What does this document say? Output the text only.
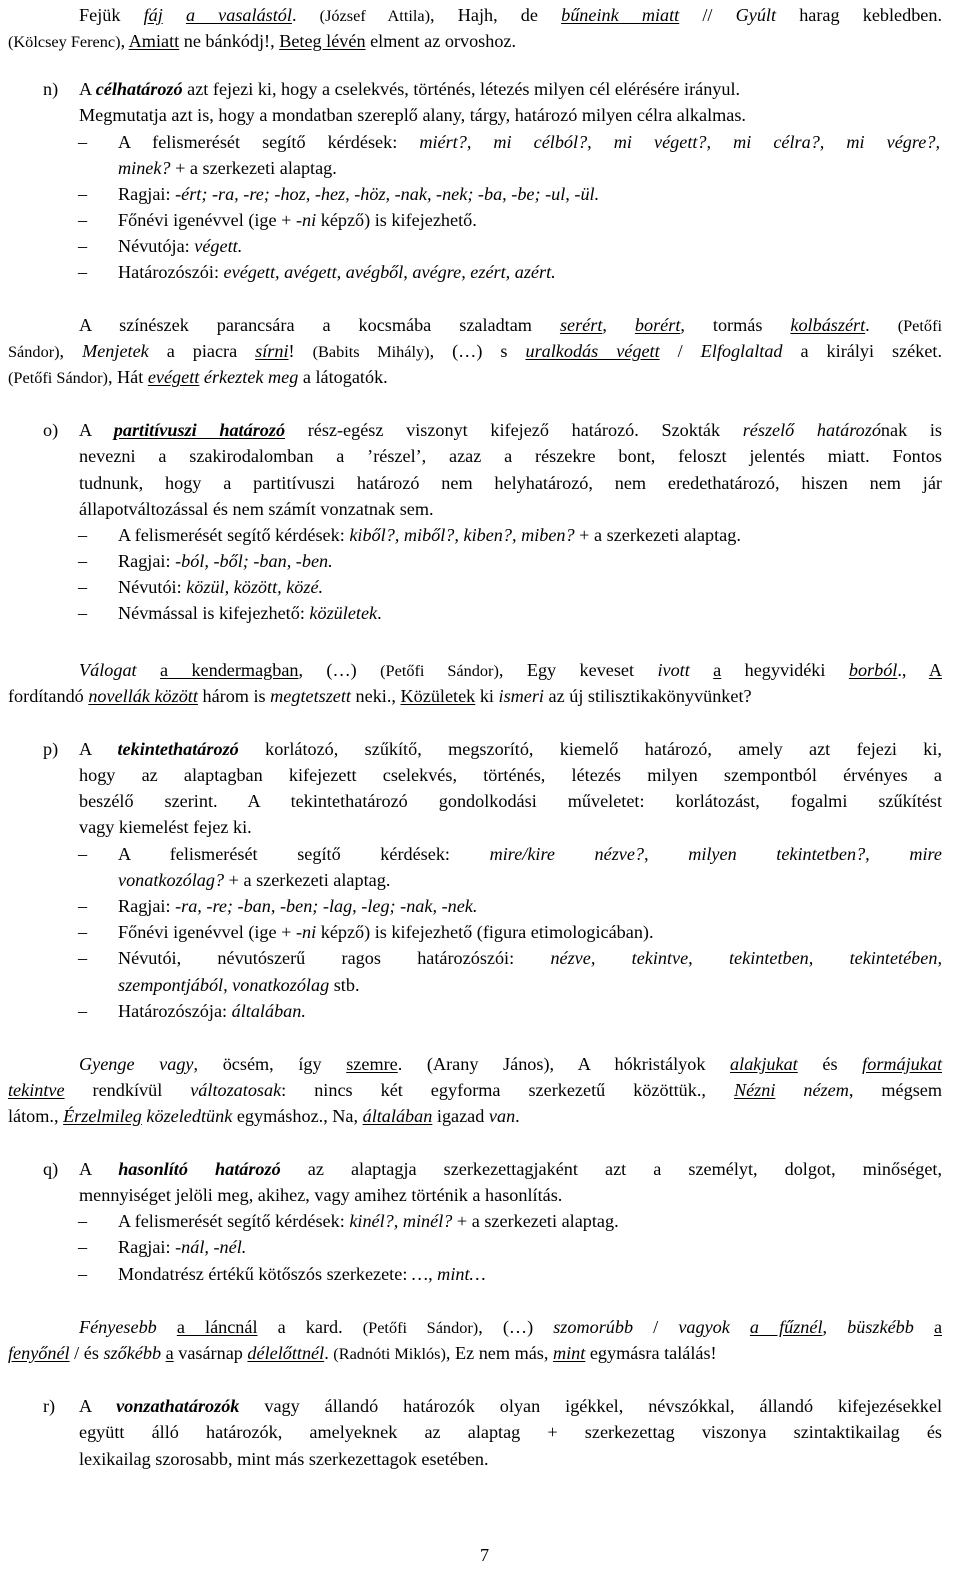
Fejük fáj a vasalástól. (József Attila), Hajh, de bűneink miatt // Gyúlt harag kebledben.
(Kölcsey Ferenc), Amiatt ne bánkódj!, Beteg lévén elment az orvoshoz.
n) A célhatározó azt fejezi ki, hogy a cselekvés, történés, létezés milyen cél elérésére irányul.
Megmutatja azt is, hogy a mondatban szereplő alany, tárgy, határozó milyen célra alkalmas.
– A felismerését segítő kérdések: miért?, mi célból?, mi végett?, mi célra?, mi végre?,
minek? + a szerkezeti alaptag.
– Ragjai: -ért; -ra, -re; -hoz, -hez, -höz, -nak, -nek; -ba, -be; -ul, -ül.
– Főnévi igenévvel (ige + -ni képző) is kifejezhető.
– Névutója: végett.
– Határozószói: evégett, avégett, avégből, avégre, ezért, azért.
A színészek parancsára a kocsmába szaladtam serért, borért, tormás kolbászért. (Petőfi
Sándor), Menjetek a piacra sírni! (Babits Mihály), (…) s uralkodás végett / Elfoglaltad a királyi széket.
(Petőfi Sándor), Hát evégett érkeztek meg a látogatók.
o) A partitívuszi határozó rész-egész viszonyt kifejező határozó. Szokták részelő határozónak is
nevezni a szakirodalomban a ’részel’, azaz a részekre bont, feloszt jelentés miatt. Fontos
tudnunk, hogy a partitívuszi határozó nem helyhatározó, nem eredethatározó, hiszen nem jár
állapotváltozással és nem számít vonzatnak sem.
– A felismerését segítő kérdések: kiből?, miből?, kiben?, miben? + a szerkezeti alaptag.
– Ragjai: -ból, -ből; -ban, -ben.
– Névutói: közül, között, közé.
– Névmással is kifejezhető: közületek.
Válogat a kendermagban, (…) (Petőfi Sándor), Egy keveset ivott a hegyvidéki borból., A
fordítandó novellák között három is megtetszett neki., Közületek ki ismeri az új stilisztikakönyvünket?
p) A tekintethatározó korlátozó, szűkítő, megszorító, kiemelő határozó, amely azt fejezi ki,
hogy az alaptagban kifejezett cselekvés, történés, létezés milyen szempontból érvényes a
beszélő szerint. A tekintethatározó gondolkodási műveletet: korlátozást, fogalmi szűkítést
vagy kiemelést fejez ki.
– A felismerését segítő kérdések: mire/kire nézve?, milyen tekintetben?, mire
vonatkozólag? + a szerkezeti alaptag.
– Ragjai: -ra, -re; -ban, -ben; -lag, -leg; -nak, -nek.
– Főnévi igenévvel (ige + -ni képző) is kifejezhető (figura etimologicában).
– Névutói, névutószerű ragos határozószói: nézve, tekintve, tekintetben, tekintetében,
szempontjából, vonatkozólag stb.
– Határozószója: általában.
Gyenge vagy, öcsém, így szemre. (Arany János), A hókristályok alakjukat és formájukat
tekintve rendkívül változatosak: nincs két egyforma szerkezetű közöttük., Nézni nézem, mégsem
látom., Érzelmileg közeledtünk egymáshoz., Na, általában igazad van.
q) A hasonlító határozó az alaptagja szerkezettagjaként azt a személyt, dolgot, minőséget,
mennyiséget jelöli meg, akihez, vagy amihez történik a hasonlítás.
– A felismerését segítő kérdések: kinél?, minél? + a szerkezeti alaptag.
– Ragjai: -nál, -nél.
– Mondatrész értékű kötőszós szerkezete: …, mint…
Fényesebb a láncnál a kard. (Petőfi Sándor), (…) szomorúbb / vagyok a fűznél, büszkébb a
fenyőnél / és szőkébb a vasárnap délelőttnél. (Radnóti Miklós), Ez nem más, mint egymásra találás!
r) A vonzathatározók vagy állandó határozók olyan igékkel, névszókkal, állandó kifejezésekkel
együtt álló határozók, amelyeknek az alaptag + szerkezettag viszonya szintaktikailag és
lexikailag szorosabb, mint más szerkezettagok esetében.
7
